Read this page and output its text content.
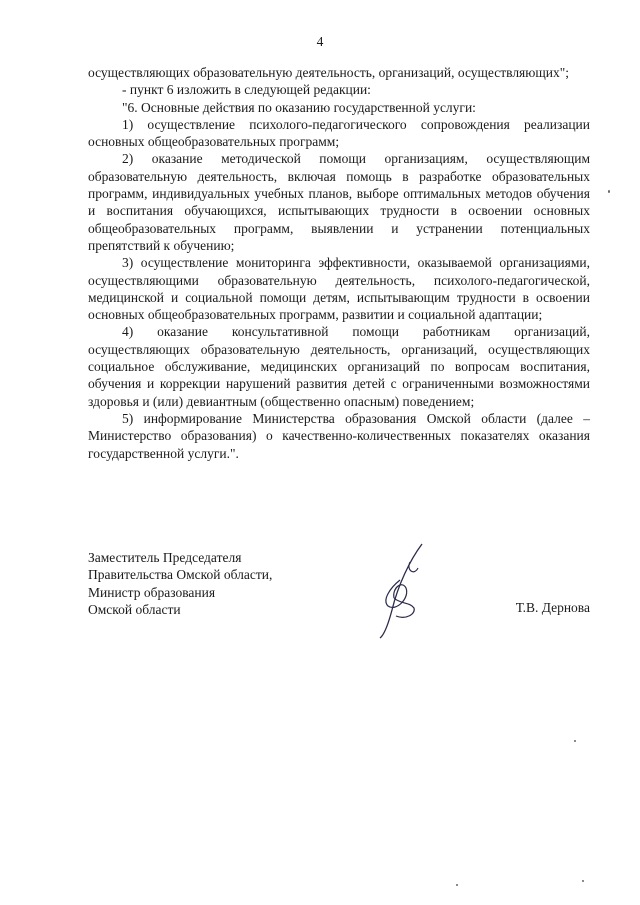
4

осуществляющих образовательную деятельность, организаций, осуществляющих";

- пункт 6 изложить в следующей редакции:

"6. Основные действия по оказанию государственной услуги:

1) осуществление психолого-педагогического сопровождения реализации основных общеобразовательных программ;

2) оказание методической помощи организациям, осуществляющим образовательную деятельность, включая помощь в разработке образовательных программ, индивидуальных учебных планов, выборе оптимальных методов обучения и воспитания обучающихся, испытывающих трудности в освоении основных общеобразовательных программ, выявлении и устранении потенциальных препятствий к обучению;

3) осуществление мониторинга эффективности, оказываемой организациями, осуществляющими образовательную деятельность, психолого-педагогической, медицинской и социальной помощи детям, испытывающим трудности в освоении основных общеобразовательных программ, развитии и социальной адаптации;

4) оказание консультативной помощи работникам организаций, осуществляющих образовательную деятельность, организаций, осуществляющих социальное обслуживание, медицинских организаций по вопросам воспитания, обучения и коррекции нарушений развития детей с ограниченными возможностями здоровья и (или) девиантным (общественно опасным) поведением;

5) информирование Министерства образования Омской области (далее – Министерство образования) о качественно-количественных показателях оказания государственной услуги.".

Заместитель Председателя

Правительства Омской области,

Министр образования

Омской области	Т.В. Дернова
